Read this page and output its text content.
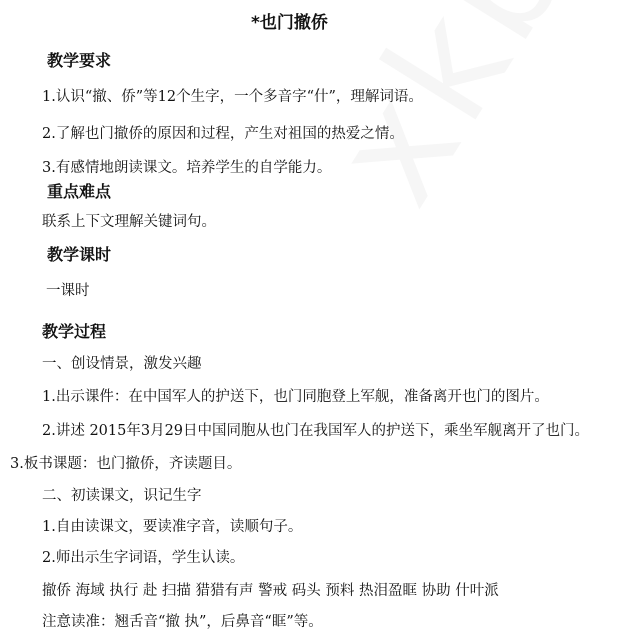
*也门撤侨
教学要求
1.认识“撤、侨”等12个生字，一个多音字“什”，理解词语。
2.了解也门撤侨的原因和过程，产生对祖国的热爱之情。
3.有感情地朗读课文。培养学生的自学能力。
重点难点
联系上下文理解关键词句。
教学课时
一课时
教学过程
一、创设情景，激发兴趣
1.出示课件：在中国军人的护送下，也门同胞登上军舰，准备离开也门的图片。
2.讲述 2015年3月29日中国同胞从也门在我国军人的护送下，乘坐军舰离开了也门。
3.板书课题：也门撤侨，齐读题目。
二、初读课文，识记生字
1.自由读课文，要读准字音，读顺句子。
2.师出示生字词语，学生认读。
撤侨 海域 执行 赴 扫描 猎猎有声 警戒 码头 预料 热泪盈眶 协助 什叶派
注意读准：翘舌音“撤 执”，后鼻音“眶”等。
